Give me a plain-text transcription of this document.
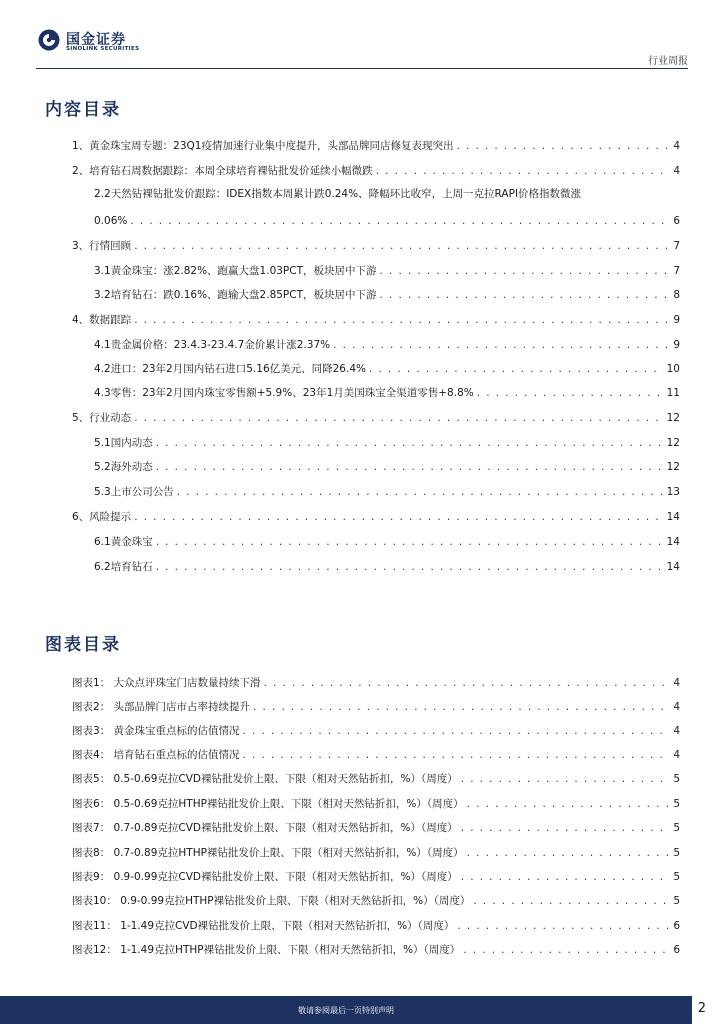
国金证券
SINOLINK SECURITIES
行业周报
内容目录
1、黄金珠宝周专题：23Q1疫情加速行业集中度提升，头部品牌同店修复表现突出 . . .	4
2、培育钻石周数据跟踪：本周全球培育裸钻批发价延续小幅微跌 . . .	4
2.2天然钻裸钻批发价跟踪：IDEX指数本周累计跌0.24%、降幅环比收窄，上周一克拉RAPI价格指数微涨
0.06% . . .	6
3、行情回顾 . . .	7
3.1黄金珠宝：涨2.82%、跑赢大盘1.03PCT，板块居中下游 . . .	7
3.2培育钻石：跌0.16%、跑输大盘2.85PCT，板块居中下游 . . .	8
4、数据跟踪 . . .	9
4.1贵金属价格：23.4.3-23.4.7金价累计涨2.37% . . .	9
4.2进口：23年2月国内钻石进口5.16亿美元、同降26.4% . . .	10
4.3零售：23年2月国内珠宝零售额+5.9%、23年1月美国珠宝全渠道零售+8.8% . . .	11
5、行业动态 . . .	12
5.1国内动态 . . .	12
5.2海外动态 . . .	12
5.3上市公司公告 . . .	13
6、风险提示 . . .	14
6.1黄金珠宝 . . .	14
6.2培育钻石 . . .	14
图表目录
图表1： 大众点评珠宝门店数量持续下滑 . . .	4
图表2： 头部品牌门店市占率持续提升 . . .	4
图表3： 黄金珠宝重点标的估值情况 . . .	4
图表4： 培育钻石重点标的估值情况 . . .	4
图表5： 0.5-0.69克拉CVD裸钻批发价上限、下限（相对天然钻折扣，%）（周度） . . .	5
图表6： 0.5-0.69克拉HTHP裸钻批发价上限、下限（相对天然钻折扣，%）（周度） . . .	5
图表7： 0.7-0.89克拉CVD裸钻批发价上限、下限（相对天然钻折扣，%）（周度） . . .	5
图表8： 0.7-0.89克拉HTHP裸钻批发价上限、下限（相对天然钻折扣，%）（周度） . . .	5
图表9： 0.9-0.99克拉CVD裸钻批发价上限、下限（相对天然钻折扣，%）（周度） . . .	5
图表10： 0.9-0.99克拉HTHP裸钻批发价上限、下限（相对天然钻折扣，%）（周度） . . .	5
图表11： 1-1.49克拉CVD裸钻批发价上限、下限（相对天然钻折扣，%）（周度） . . .	6
图表12： 1-1.49克拉HTHP裸钻批发价上限、下限（相对天然钻折扣，%）（周度） . . .	6
敬请参阅最后一页特别声明	2
